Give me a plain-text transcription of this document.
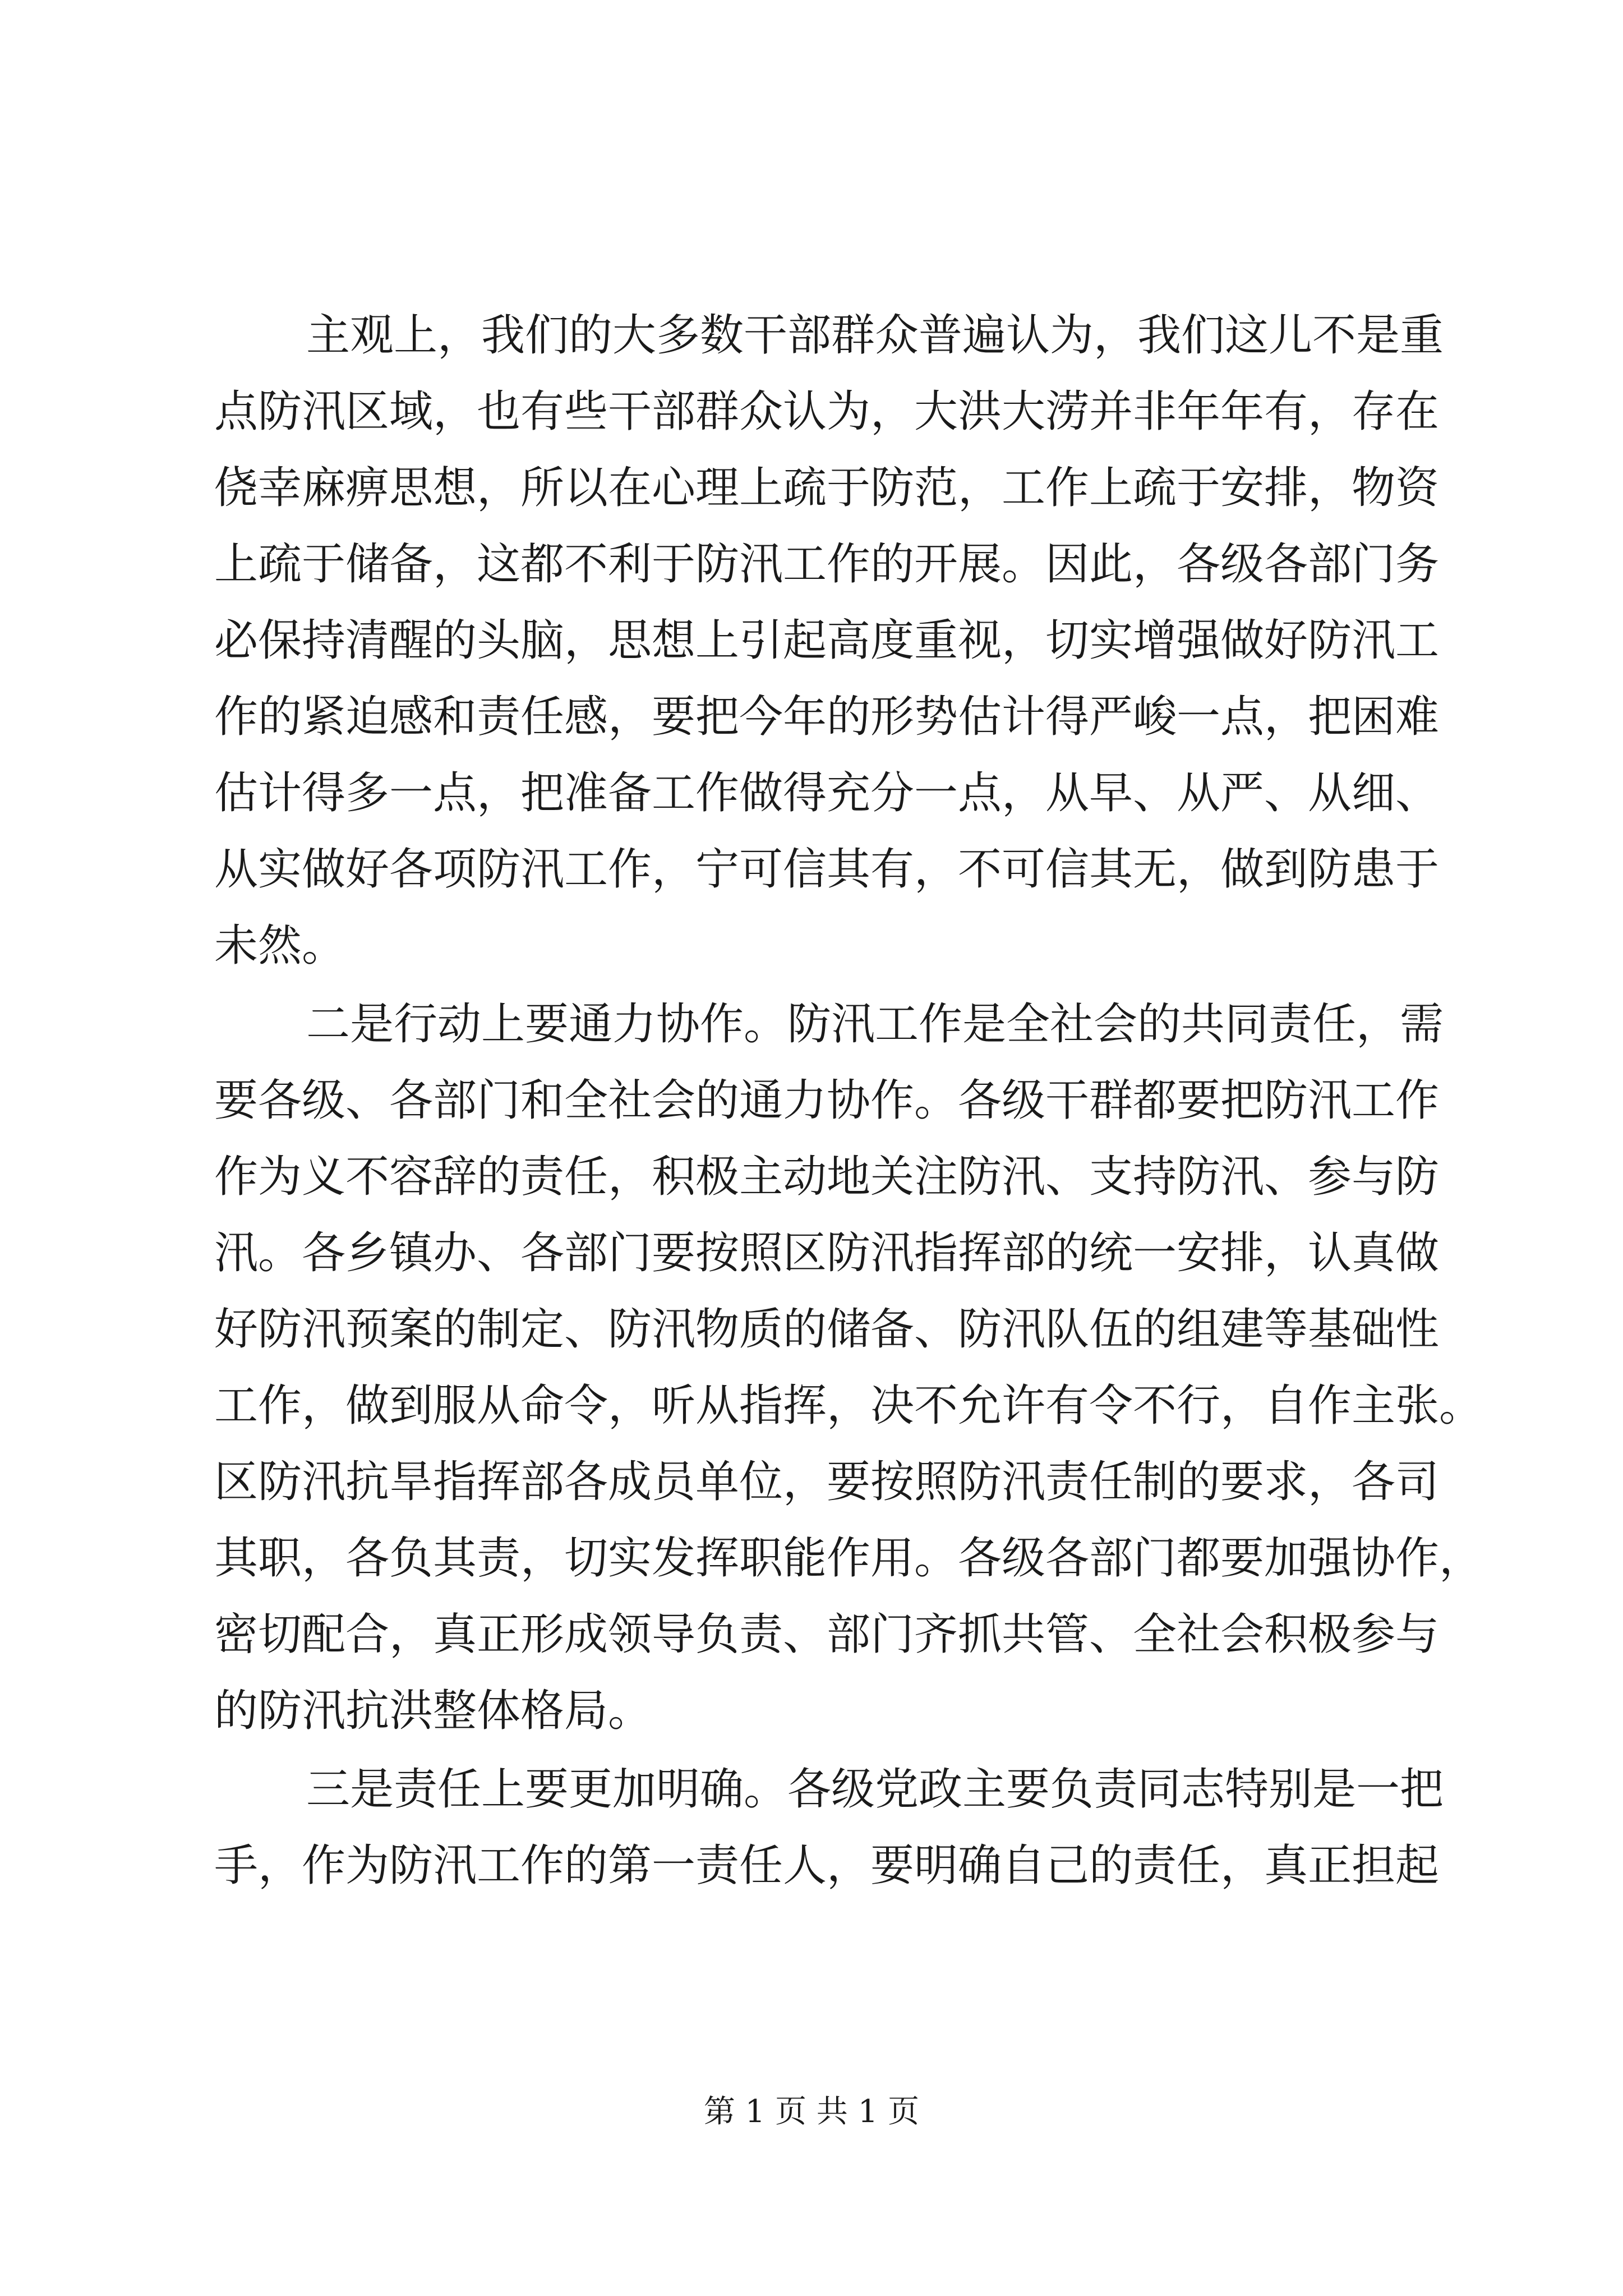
主观上，我们的大多数干部群众普遍认为，我们这儿不是重
点防汛区域，也有些干部群众认为，大洪大涝并非年年有，存在
侥幸麻痹思想，所以在心理上疏于防范，工作上疏于安排，物资
上疏于储备，这都不利于防汛工作的开展。因此，各级各部门务
必保持清醒的头脑，思想上引起高度重视，切实增强做好防汛工
作的紧迫感和责任感，要把今年的形势估计得严峻一点，把困难
估计得多一点，把准备工作做得充分一点，从早、从严、从细、
从实做好各项防汛工作，宁可信其有，不可信其无，做到防患于
未然。
二是行动上要通力协作。防汛工作是全社会的共同责任，需
要各级、各部门和全社会的通力协作。各级干群都要把防汛工作
作为义不容辞的责任，积极主动地关注防汛、支持防汛、参与防
汛。各乡镇办、各部门要按照区防汛指挥部的统一安排，认真做
好防汛预案的制定、防汛物质的储备、防汛队伍的组建等基础性
工作，做到服从命令，听从指挥，决不允许有令不行，自作主张。
区防汛抗旱指挥部各成员单位，要按照防汛责任制的要求，各司
其职，各负其责，切实发挥职能作用。各级各部门都要加强协作，
密切配合，真正形成领导负责、部门齐抓共管、全社会积极参与
的防汛抗洪整体格局。
三是责任上要更加明确。各级党政主要负责同志特别是一把
手，作为防汛工作的第一责任人，要明确自己的责任，真正担起
第 1 页 共 1 页
